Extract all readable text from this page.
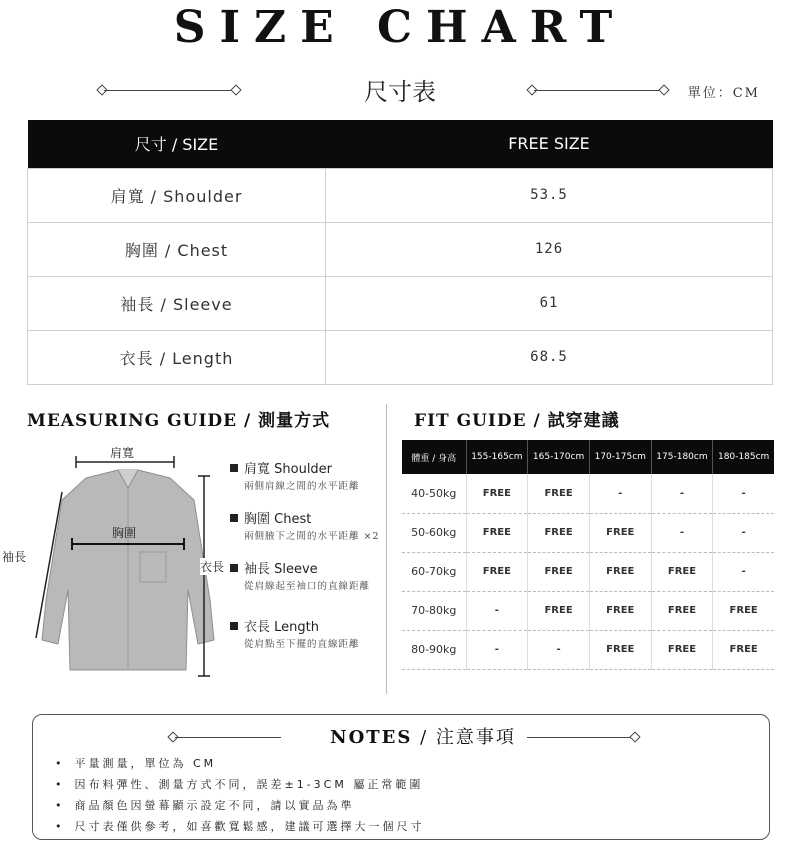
SIZE CHART
尺寸表	單位：CM
尺寸 / SIZE	FREE SIZE
肩寬 / Shoulder	53.5
胸圍 / Chest	126
袖長 / Sleeve	61
衣長 / Length	68.5
MEASURING GUIDE / 測量方式	FIT GUIDE / 試穿建議
肩寬
胸圍
袖長
衣長
肩寬 Shoulder
兩側肩線之間的水平距離
胸圍 Chest
兩側腋下之間的水平距離 ×2
袖長 Sleeve
從肩線起至袖口的直線距離
衣長 Length
從肩點至下擺的直線距離
體重 / 身高	155-165cm	165-170cm	170-175cm	175-180cm	180-185cm
40-50kg	FREE	FREE	-	-	-
50-60kg	FREE	FREE	FREE	-	-
60-70kg	FREE	FREE	FREE	FREE	-
70-80kg	-	FREE	FREE	FREE	FREE
80-90kg	-	-	FREE	FREE	FREE
NOTES / 注意事項
• 平量測量，單位為 CM
• 因布料彈性、測量方式不同，誤差±1-3CM 屬正常範圍
• 商品顏色因螢幕顯示設定不同，請以實品為準
• 尺寸表僅供參考，如喜歡寬鬆感，建議可選擇大一個尺寸
